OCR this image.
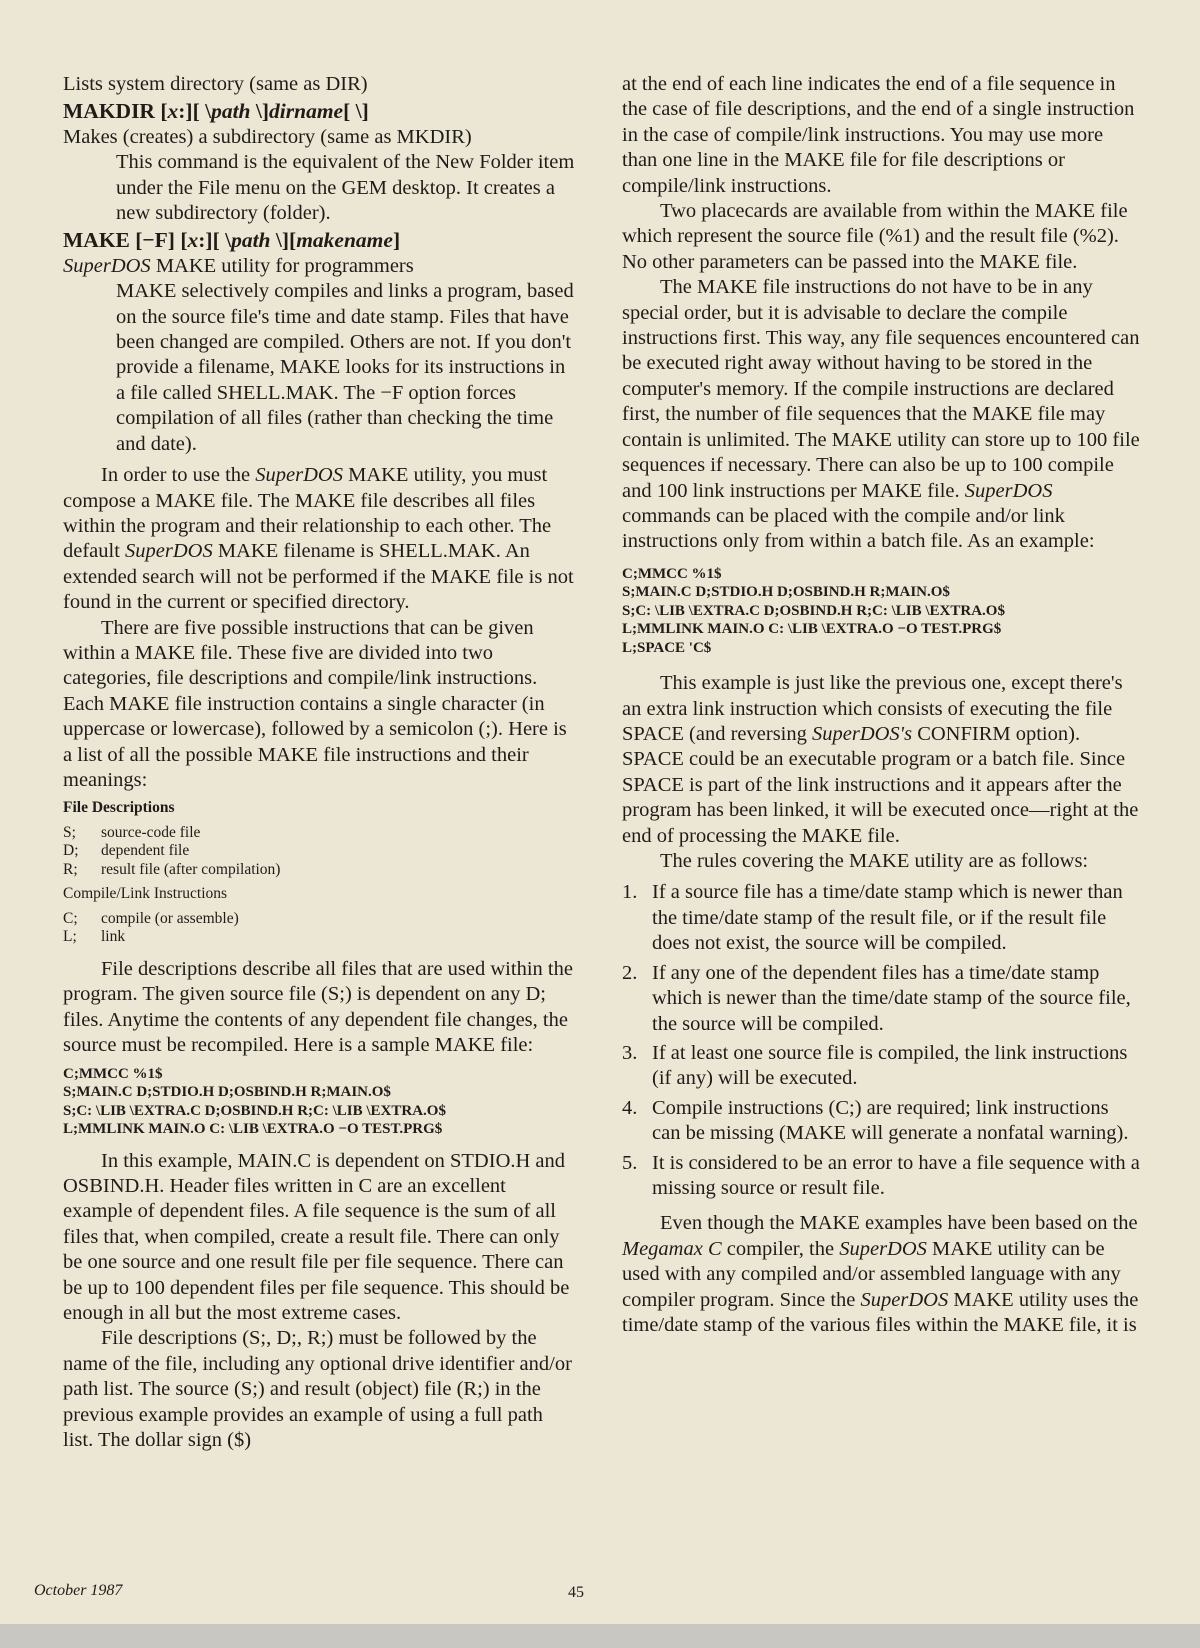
Lists system directory (same as DIR)

MAKDIR [x:][ \path \]dirname[ \]

Makes (creates) a subdirectory (same as MKDIR)

This command is the equivalent of the New Folder item under the File menu on the GEM desktop. It creates a new subdirectory (folder).

MAKE [−F] [x:][ \path \][makename]

SuperDOS MAKE utility for programmers

MAKE selectively compiles and links a program, based on the source file's time and date stamp. Files that have been changed are compiled. Others are not. If you don't provide a filename, MAKE looks for its instructions in a file called SHELL.MAK. The −F option forces compilation of all files (rather than checking the time and date).

In order to use the SuperDOS MAKE utility, you must compose a MAKE file. The MAKE file describes all files within the program and their relationship to each other. The default SuperDOS MAKE filename is SHELL.MAK. An extended search will not be performed if the MAKE file is not found in the current or specified directory.

There are five possible instructions that can be given within a MAKE file. These five are divided into two categories, file descriptions and compile/link instructions. Each MAKE file instruction contains a single character (in uppercase or lowercase), followed by a semicolon (;). Here is a list of all the possible MAKE file instructions and their meanings:

File Descriptions

S;	source-code file
D;	dependent file
R;	result file (after compilation)

Compile/Link Instructions

C;	compile (or assemble)
L;	link

File descriptions describe all files that are used within the program. The given source file (S;) is dependent on any D; files. Anytime the contents of any dependent file changes, the source must be recompiled. Here is a sample MAKE file:

C;MMCC %1$
S;MAIN.C D;STDIO.H D;OSBIND.H R;MAIN.O$
S;C: \LIB \EXTRA.C D;OSBIND.H R;C: \LIB \EXTRA.O$
L;MMLINK MAIN.O C: \LIB \EXTRA.O −O TEST.PRG$

In this example, MAIN.C is dependent on STDIO.H and OSBIND.H. Header files written in C are an excellent example of dependent files. A file sequence is the sum of all files that, when compiled, create a result file. There can only be one source and one result file per file sequence. There can be up to 100 dependent files per file sequence. This should be enough in all but the most extreme cases.

File descriptions (S;, D;, R;) must be followed by the name of the file, including any optional drive identifier and/or path list. The source (S;) and result (object) file (R;) in the previous example provides an example of using a full path list. The dollar sign ($)

at the end of each line indicates the end of a file sequence in the case of file descriptions, and the end of a single instruction in the case of compile/link instructions. You may use more than one line in the MAKE file for file descriptions or compile/link instructions.

Two placecards are available from within the MAKE file which represent the source file (%1) and the result file (%2). No other parameters can be passed into the MAKE file.

The MAKE file instructions do not have to be in any special order, but it is advisable to declare the compile instructions first. This way, any file sequences encountered can be executed right away without having to be stored in the computer's memory. If the compile instructions are declared first, the number of file sequences that the MAKE file may contain is unlimited. The MAKE utility can store up to 100 file sequences if necessary. There can also be up to 100 compile and 100 link instructions per MAKE file. SuperDOS commands can be placed with the compile and/or link instructions only from within a batch file. As an example:

C;MMCC %1$
S;MAIN.C D;STDIO.H D;OSBIND.H R;MAIN.O$
S;C: \LIB \EXTRA.C D;OSBIND.H R;C: \LIB \EXTRA.O$
L;MMLINK MAIN.O C: \LIB \EXTRA.O −O TEST.PRG$
L;SPACE 'C$

This example is just like the previous one, except there's an extra link instruction which consists of executing the file SPACE (and reversing SuperDOS's CONFIRM option). SPACE could be an executable program or a batch file. Since SPACE is part of the link instructions and it appears after the program has been linked, it will be executed once—right at the end of processing the MAKE file.

The rules covering the MAKE utility are as follows:

1. If a source file has a time/date stamp which is newer than the time/date stamp of the result file, or if the result file does not exist, the source will be compiled.
2. If any one of the dependent files has a time/date stamp which is newer than the time/date stamp of the source file, the source will be compiled.
3. If at least one source file is compiled, the link instructions (if any) will be executed.
4. Compile instructions (C;) are required; link instructions can be missing (MAKE will generate a nonfatal warning).
5. It is considered to be an error to have a file sequence with a missing source or result file.

Even though the MAKE examples have been based on the Megamax C compiler, the SuperDOS MAKE utility can be used with any compiled and/or assembled language with any compiler program. Since the SuperDOS MAKE utility uses the time/date stamp of the various files within the MAKE file, it is

October 1987	45
